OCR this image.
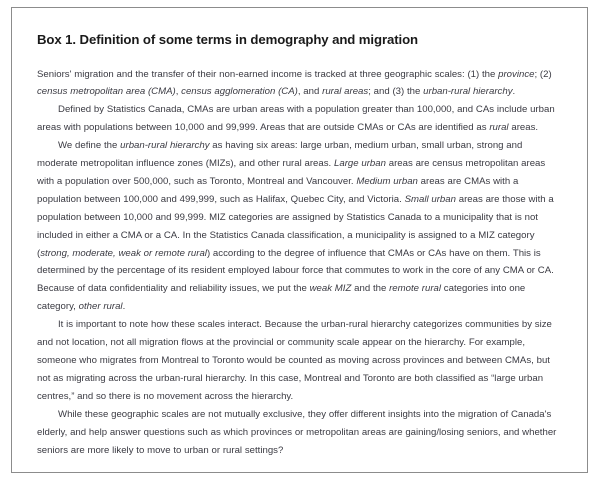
Box 1. Definition of some terms in demography and migration

Seniors' migration and the transfer of their non-earned income is tracked at three geographic scales: (1) the province; (2) census metropolitan area (CMA), census agglomeration (CA), and rural areas; and (3) the urban-rural hierarchy.

Defined by Statistics Canada, CMAs are urban areas with a population greater than 100,000, and CAs include urban areas with populations between 10,000 and 99,999. Areas that are outside CMAs or CAs are identified as rural areas.

We define the urban-rural hierarchy as having six areas: large urban, medium urban, small urban, strong and moderate metropolitan influence zones (MIZs), and other rural areas. Large urban areas are census metropolitan areas with a population over 500,000, such as Toronto, Montreal and Vancouver. Medium urban areas are CMAs with a population between 100,000 and 499,999, such as Halifax, Quebec City, and Victoria. Small urban areas are those with a population between 10,000 and 99,999. MIZ categories are assigned by Statistics Canada to a municipality that is not included in either a CMA or a CA. In the Statistics Canada classification, a municipality is assigned to a MIZ category (strong, moderate, weak or remote rural) according to the degree of influence that CMAs or CAs have on them. This is determined by the percentage of its resident employed labour force that commutes to work in the core of any CMA or CA. Because of data confidentiality and reliability issues, we put the weak MIZ and the remote rural categories into one category, other rural.

It is important to note how these scales interact. Because the urban-rural hierarchy categorizes communities by size and not location, not all migration flows at the provincial or community scale appear on the hierarchy. For example, someone who migrates from Montreal to Toronto would be counted as moving across provinces and between CMAs, but not as migrating across the urban-rural hierarchy. In this case, Montreal and Toronto are both classified as “large urban centres,” and so there is no movement across the hierarchy.

While these geographic scales are not mutually exclusive, they offer different insights into the migration of Canada's elderly, and help answer questions such as which provinces or metropolitan areas are gaining/losing seniors, and whether seniors are more likely to move to urban or rural settings?
